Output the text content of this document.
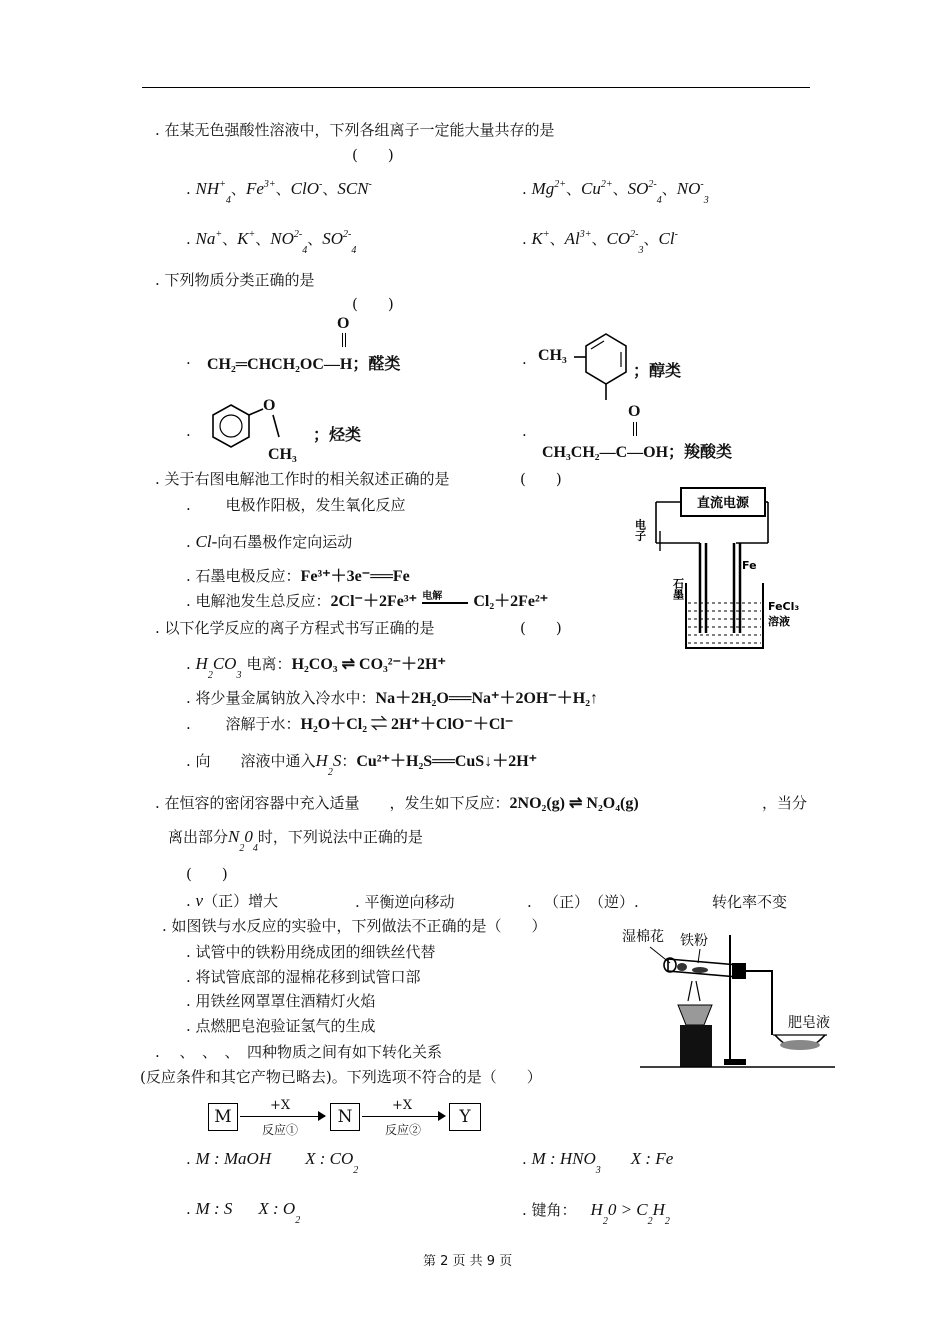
. 在某无色强酸性溶液中，下列各组离子一定能大量共存的是
(　　)
. $NH^+_4$、$Fe^{3+}$、ClO-、SCN-	. $Mg^{2+}$、$Cu^{2+}$、$SO^{2-}_4$、$NO^-_3$
. Na+、K+、$NO^{2-}_4$、$SO^{2-}_4$
. K+、$Al^{3+}$、$CO^{2-}_3$、Cl-
. 下列物质分类正确的是
(　　)
.
O
CH₂═CHCH₂OC—H；醛类	. CH₃
；醇类
.
O
CH₃
；烃类	.
O
CH₃CH₂—C—OH；羧酸类
. 关于右图电解池工作时的相关叙述正确的是	(　　)
. 　　电极作阳极，发生氧化反应
. Cl-向石墨极作定向运动
. 石墨电极反应：Fe³⁺＋3e⁻══Fe
. 电解池发生总反应：2Cl⁻＋2Fe³⁺ 电解 Cl₂＋2Fe²⁺
直流电源
电子
石墨
Fe
FeCl₃
溶液
. 以下化学反应的离子方程式书写正确的是	(　　)
. $H_2CO_3$ 电离：H₂CO₃ ⇌ CO₃²⁻＋2H⁺
. 将少量金属钠放入冷水中：Na＋2H₂O══Na⁺＋2OH⁻＋H₂↑
. 　　溶解于水：H₂O＋Cl₂ ⇌ 2H⁺＋ClO⁻＋Cl⁻
. 向　　溶液中通入$H_2S$：Cu²⁺＋H₂S══CuS↓＋2H⁺
. 在恒容的密闭容器中充入适量　　，发生如下反应：2NO₂(g) ⇌ N₂O₄(g)	，当分
离出部分$N_20_4$时，下列说法中正确的是
(　　)
. v（正）增大	. 平衡逆向移动	. 　（正）　（逆）.	转化率不变
. 如图铁与水反应的实验中，下列做法不正确的是（　　）
. 试管中的铁粉用绕成团的细铁丝代替
. 将试管底部的湿棉花移到试管口部
. 用铁丝网罩罩住酒精灯火焰
. 点燃肥皂泡验证氢气的生成
湿棉花 铁粉
肥皂液
. 　、　、　、　四种物质之间有如下转化关系
(反应条件和其它产物已略去)。下列选项不符合的是（　　）
M
+X
反应①
N
+X
反应②
Y
. M : MaOH X : $CO_2$
. M : $HNO_3X$ : Fe
. M : S X : $O_2$
. 键角： $H_20 > C_2H_2$
第 2 页 共 9 页
